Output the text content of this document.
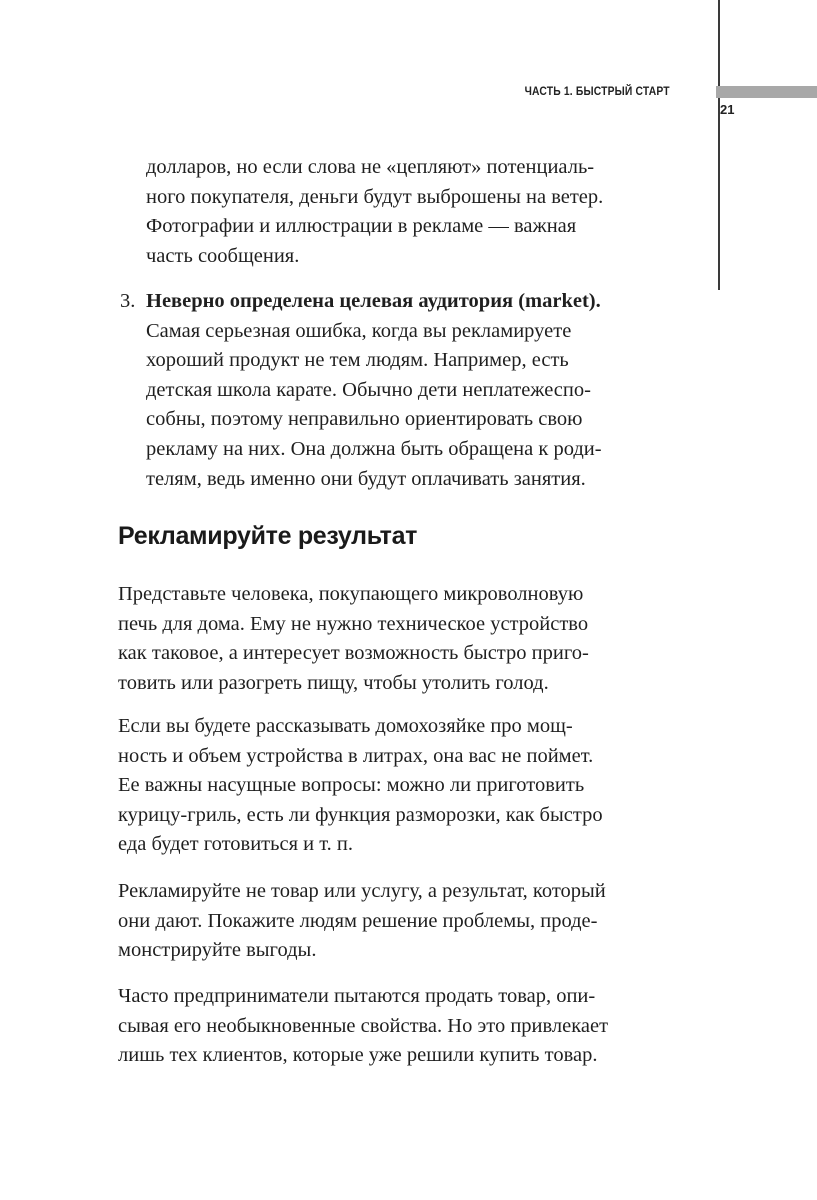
ЧАСТЬ 1. БЫСТРЫЙ СТАРТ
21
долларов, но если слова не «цепляют» потенциаль-
ного покупателя, деньги будут выброшены на ветер.
Фотографии и иллюстрации в рекламе — важная
часть сообщения.
3. Неверно определена целевая аудитория (market).
Самая серьезная ошибка, когда вы рекламируете
хороший продукт не тем людям. Например, есть
детская школа карате. Обычно дети неплатежеспо-
собны, поэтому неправильно ориентировать свою
рекламу на них. Она должна быть обращена к роди-
телям, ведь именно они будут оплачивать занятия.
Рекламируйте результат
Представьте человека, покупающего микроволновую
печь для дома. Ему не нужно техническое устройство
как таковое, а интересует возможность быстро приго-
товить или разогреть пищу, чтобы утолить голод.
Если вы будете рассказывать домохозяйке про мощ-
ность и объем устройства в литрах, она вас не поймет.
Ее важны насущные вопросы: можно ли приготовить
курицу-гриль, есть ли функция разморозки, как быстро
еда будет готовиться и т. п.
Рекламируйте не товар или услугу, а результат, который
они дают. Покажите людям решение проблемы, проде-
монстрируйте выгоды.
Часто предприниматели пытаются продать товар, опи-
сывая его необыкновенные свойства. Но это привлекает
лишь тех клиентов, которые уже решили купить товар.
